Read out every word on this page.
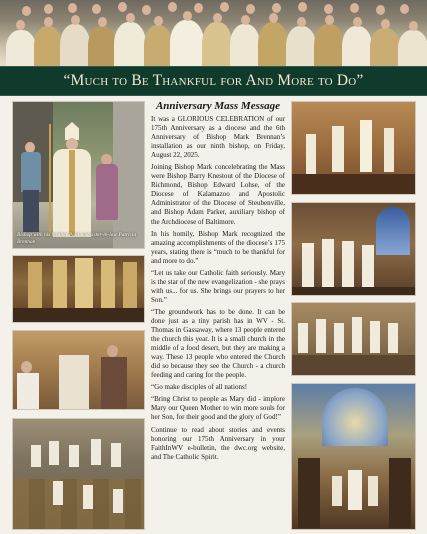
“Much to Be Thankful for And More to Do”
Bishop with his brother Paul and sister-in-law Patricia Brennan
Anniversary Mass Message

It was a GLORIOUS CELEBRATION of our 175th Anniversary as a diocese and the 6th Anniversary of Bishop Mark Brennan’s installation as our ninth bishop, on Friday, August 22, 2025.

Joining Bishop Mark concelebrating the Mass were Bishop Barry Knestout of the Diocese of Richmond, Bishop Edward Lohse, of the Diocese of Kalamazoo and Apostolic Administrator of the Diocese of Steubenville, and Bishop Adam Parker, auxiliary bishop of the Archdiocese of Baltimore.

In his homily, Bishop Mark recognized the amazing accomplishments of the diocese’s 175 years, stating there is “much to be thankful for and more to do.”

“Let us take our Catholic faith seriously. Mary is the star of the new evangelization - she prays with us... for us. She brings our prayers to her Son.”

“The groundwork has to be done. It can be done just as a tiny parish has in WV - St. Thomas in Gassaway, where 13 people entered the church this year. It is a small church in the middle of a food desert, but they are making a way. These 13 people who entered the Church did so because they see the Church - a church feeding and caring for the people.

“Go make disciples of all nations!

“Bring Christ to people as Mary did - implore Mary our Queen Mother to win more souls for her Son, for their good and the glory of God!”

Continue to read about stories and events honoring our 175th Anniversary in your FaithInWV e-bulletin, the dwc.org website, and The Catholic Spirit.
